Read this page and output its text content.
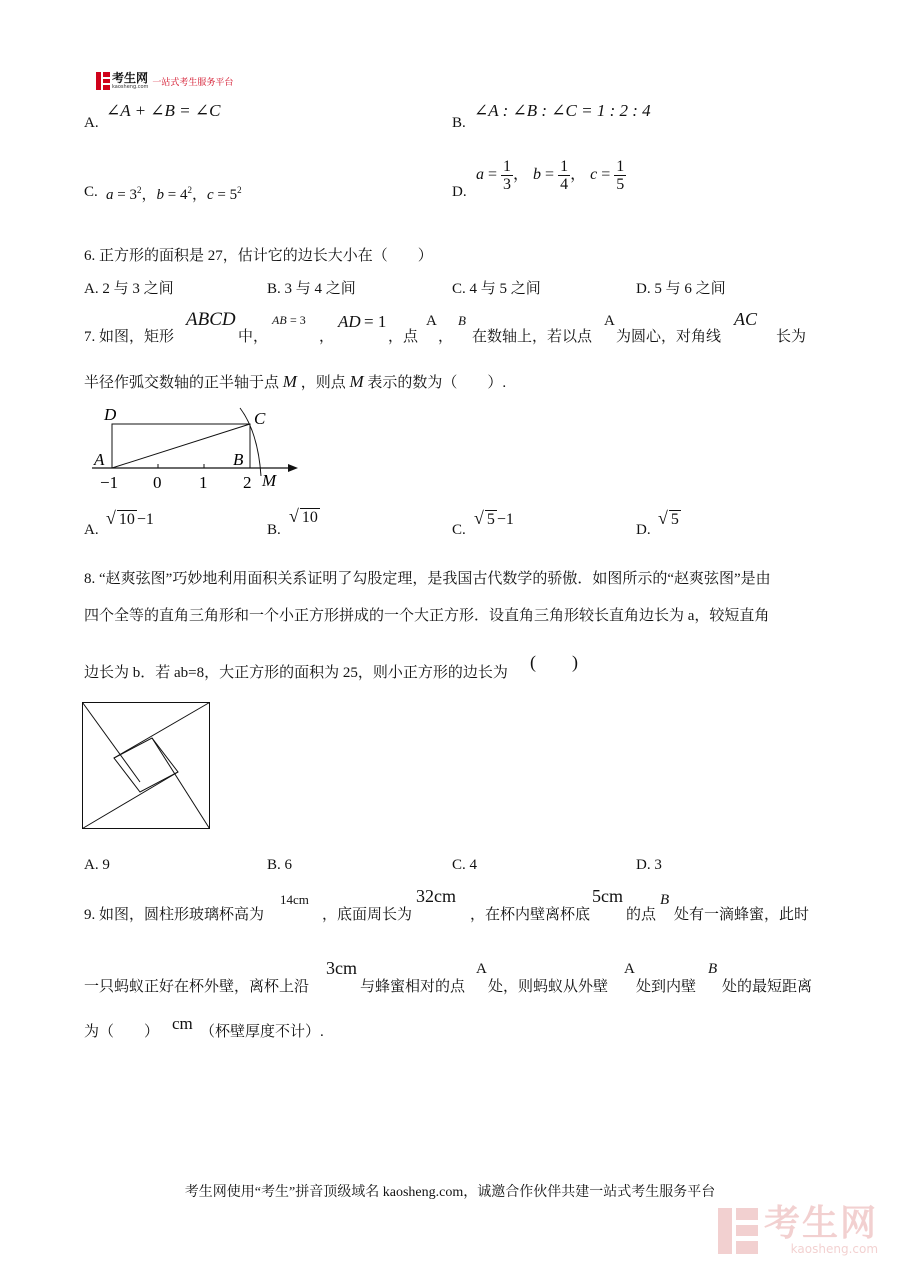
考生网
kaosheng.com 一站式考生服务平台
A.
∠A + ∠B = ∠C
B.
∠A : ∠B : ∠C = 1 : 2 : 4
C. $a = 3^2$，$b = 4^2$，$c = 5^2$	D.
$a = \frac{1}{3}$ ， $b = \frac{1}{4}$ ， $c = \frac{1}{5}$
6. 正方形的面积是 27，估计它的边长大小在（　　）
A. 2 与 3 之间	B. 3 与 4 之间	C. 4 与 5 之间	D. 5 与 6 之间
7. 如图，矩形
ABCD
中，
AB = 3
，
AD = 1
，点
A
，
B
在数轴上，若以点
A
为圆心，对角线
AC
长为
半径作弧交数轴的正半轴于点 M ，则点 M 表示的数为（　　）.
D	C
A	B
M
−1 0 1 2
A.
√ 10 −1
B.
√ 10
C.
√ 5 −1
D.
√ 5
8. “赵爽弦图”巧妙地利用面积关系证明了勾股定理，是我国古代数学的骄傲．如图所示的“赵爽弦图”是由
四个全等的直角三角形和一个小正方形拼成的一个大正方形．设直角三角形较长直角边长为 a，较短直角
边长为 b．若 ab=8，大正方形的面积为 25，则小正方形的边长为
(　　)
A. 9	B. 6	C. 4	D. 3
9. 如图，圆柱形玻璃杯高为
14cm
，底面周长为
32cm
，在杯内壁离杯底
5cm
的点
B
处有一滴蜂蜜，此时
一只蚂蚁正好在杯外壁，离杯上沿
3cm
与蜂蜜相对的点
A
处，则蚂蚁从外壁
A
处到内壁
B
处的最短距离
为（　　） cm （杯壁厚度不计）.
考生网使用“考生”拼音顶级域名 kaosheng.com，诚邀合作伙伴共建一站式考生服务平台
考生网
kaosheng.com
